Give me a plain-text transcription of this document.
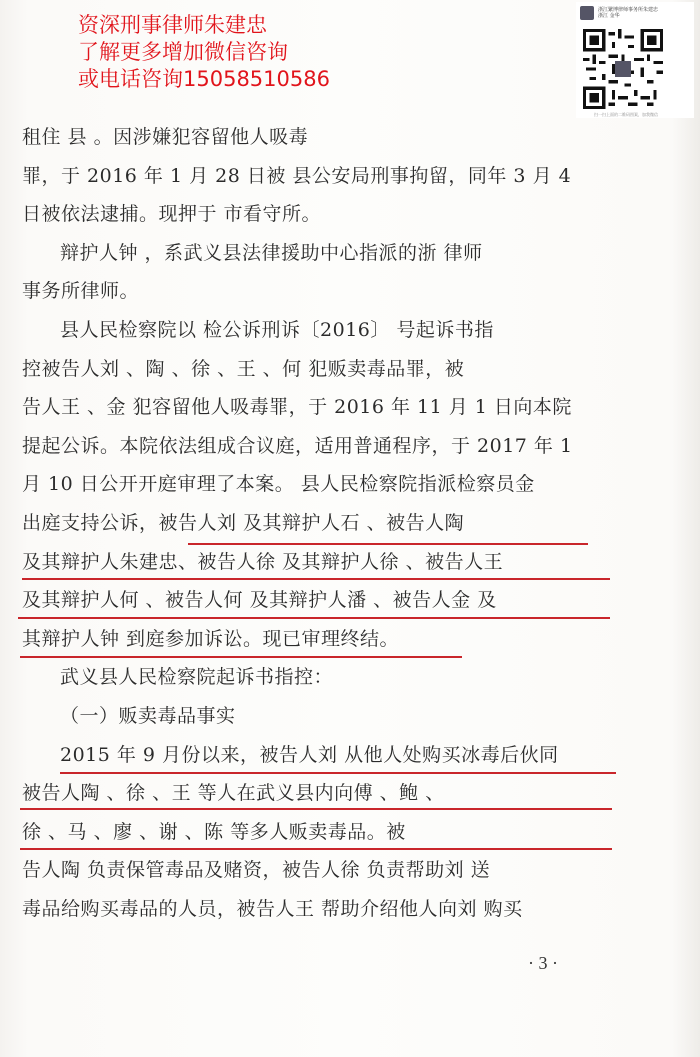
资深刑事律师朱建忠
了解更多增加微信咨询
或电话咨询15058510586
浙江繁博律师事务所朱建忠
浙江 金华
扫一扫上面的二维码图案，加我微信
租住 县 。因涉嫌犯容留他人吸毒
罪，于 2016 年 1 月 28 日被 县公安局刑事拘留，同年 3 月 4
日被依法逮捕。现押于 市看守所。
辩护人钟 ，系武义县法律援助中心指派的浙 律师
事务所律师。
县人民检察院以 检公诉刑诉〔2016〕 号起诉书指
控被告人刘 、陶 、徐 、王 、何 犯贩卖毒品罪，被
告人王 、金 犯容留他人吸毒罪，于 2016 年 11 月 1 日向本院
提起公诉。本院依法组成合议庭，适用普通程序，于 2017 年 1
月 10 日公开开庭审理了本案。 县人民检察院指派检察员金
出庭支持公诉，被告人刘 及其辩护人石 、被告人陶
及其辩护人朱建忠、被告人徐 及其辩护人徐 、被告人王
及其辩护人何 、被告人何 及其辩护人潘 、被告人金 及
其辩护人钟 到庭参加诉讼。现已审理终结。
武义县人民检察院起诉书指控：
（一）贩卖毒品事实
2015 年 9 月份以来，被告人刘 从他人处购买冰毒后伙同
被告人陶 、徐 、王 等人在武义县内向傅 、鲍 、
徐 、马 、廖 、谢 、陈 等多人贩卖毒品。被
告人陶 负责保管毒品及赌资，被告人徐 负责帮助刘 送
毒品给购买毒品的人员，被告人王 帮助介绍他人向刘 购买
· 3 ·
